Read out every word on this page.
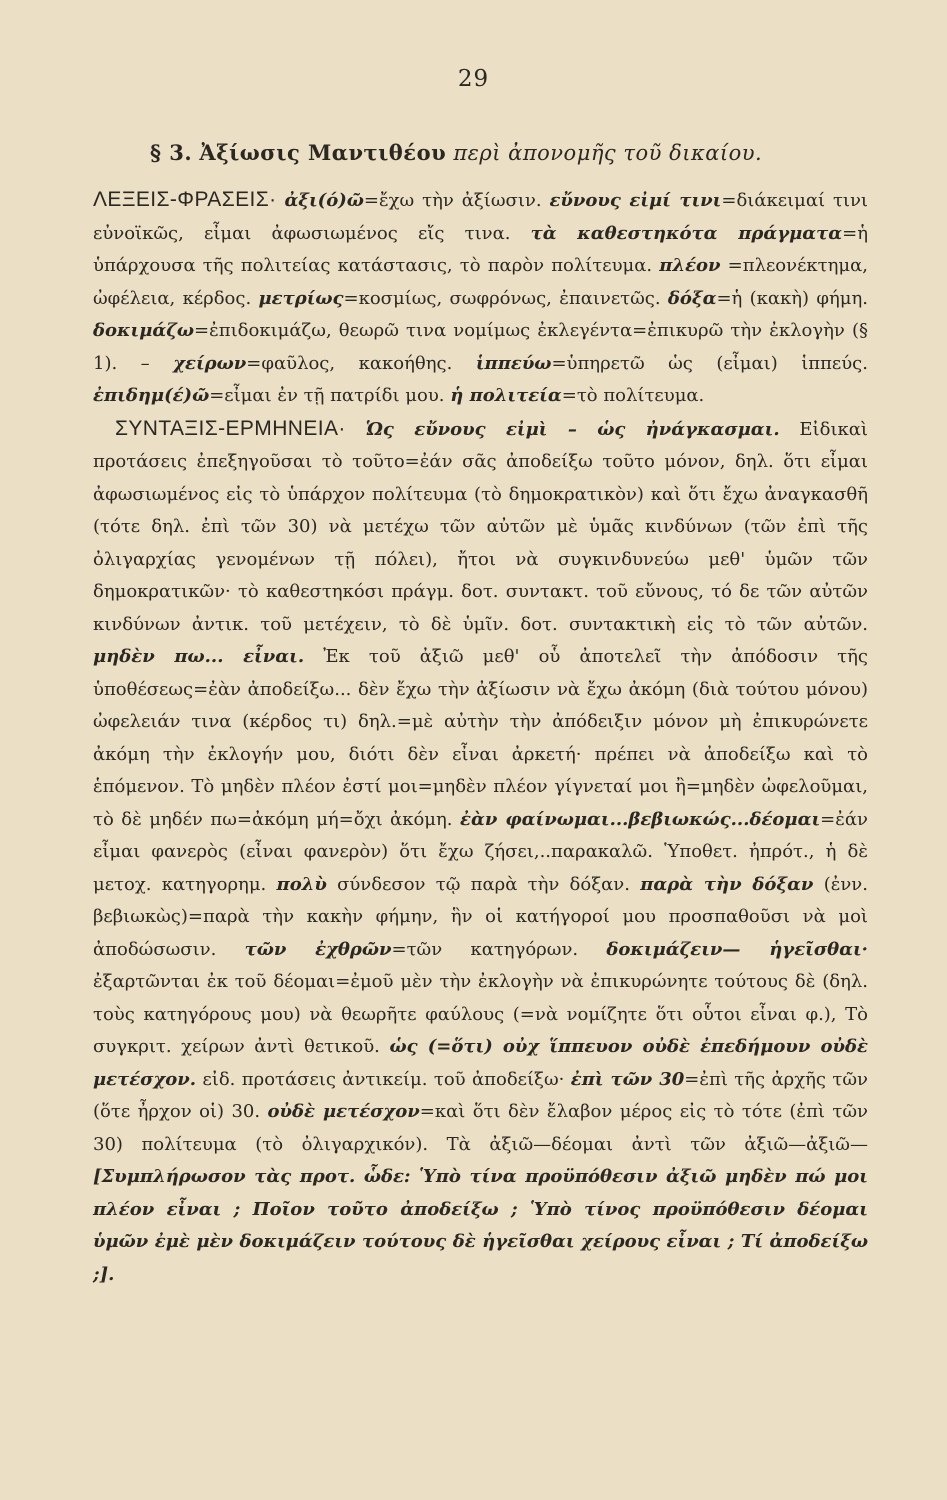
29
§ 3. Ἀξίωσις Μαντιθέου περὶ ἀπονομῆς τοῦ δικαίου.

ΛΕΞΕΙΣ-ΦΡΑΣΕΙΣ· ἀξι(ό)ῶ=ἔχω τὴν ἀξίωσιν. εὔνους εἰμί τινι=διάκειμαί τινι εὐνοϊκῶς, εἶμαι ἀφωσιωμένος εἴς τινα. τὰ καθεστηκότα πράγματα=ἡ ὑπάρχουσα τῆς πολιτείας κατάστασις, τὸ παρὸν πολίτευμα. πλέον =πλεονέκτημα, ὠφέλεια, κέρδος. μετρίως=κοσμίως, σωφρόνως, ἐπαινετῶς. δόξα=ἡ (κακὴ) φήμη. δοκιμάζω=ἐπιδοκιμάζω, θεωρῶ τινα νομίμως ἐκλεγέντα=ἐπικυρῶ τὴν ἐκλογὴν (§ 1). – χείρων=φαῦλος, κακοήθης. ἱππεύω=ὑπηρετῶ ὡς (εἶμαι) ἱππεύς. ἐπιδημ(έ)ῶ=εἶμαι ἐν τῇ πατρίδι μου. ἡ πολιτεία=τὸ πολίτευμα.

ΣΥΝΤΑΞΙΣ-ΕΡΜΗΝΕΙΑ· Ὡς εὔνους εἰμὶ – ὡς ἠνάγκασμαι. Εἰδικαὶ προτάσεις ἐπεξηγοῦσαι τὸ τοῦτο=ἐάν σᾶς ἀποδείξω τοῦτο μόνον, δηλ. ὅτι εἶμαι ἀφωσιωμένος εἰς τὸ ὑπάρχον πολίτευμα (τὸ δημοκρατικὸν) καὶ ὅτι ἔχω ἀναγκασθῆ (τότε δηλ. ἐπὶ τῶν 30) νὰ μετέχω τῶν αὐτῶν μὲ ὑμᾶς κινδύνων (τῶν ἐπὶ τῆς ὀλιγαρχίας γενομένων τῇ πόλει), ἤτοι νὰ συγκινδυνεύω μεθ' ὑμῶν τῶν δημοκρατικῶν· τὸ καθεστηκόσι πράγμ. δοτ. συντακτ. τοῦ εὔνους, τό δε τῶν αὐτῶν κινδύνων ἀντικ. τοῦ μετέχειν, τὸ δὲ ὑμῖν. δοτ. συντακτικὴ εἰς τὸ τῶν αὐτῶν. μηδὲν πω... εἶναι. Ἐκ τοῦ ἀξιῶ μεθ' οὗ ἀποτελεῖ τὴν ἀπόδοσιν τῆς ὑποθέσεως=ἐὰν ἀποδείξω... δὲν ἔχω τὴν ἀξίωσιν νὰ ἔχω ἀκόμη (διὰ τούτου μόνου) ὠφελειάν τινα (κέρδος τι) δηλ.=μὲ αὐτὴν τὴν ἀπόδειξιν μόνον μὴ ἐπικυρώνετε ἀκόμη τὴν ἐκλογήν μου, διότι δὲν εἶναι ἀρκετή· πρέπει νὰ ἀποδείξω καὶ τὸ ἑπόμενον. Τὸ μηδὲν πλέον ἐστί μοι=μηδὲν πλέον γίγνεταί μοι ἢ=μηδὲν ὠφελοῦμαι, τὸ δὲ μηδέν πω=ἀκόμη μή=ὄχι ἀκόμη. ἐὰν φαίνωμαι...βεβιωκώς...δέομαι=ἐάν εἶμαι φανερὸς (εἶναι φανερὸν) ὅτι ἔχω ζήσει,..παρακαλῶ. Ὑποθετ. ἠπρότ., ἡ δὲ μετοχ. κατηγορημ. πολὺ σύνδεσον τῷ παρὰ τὴν δόξαν. παρὰ τὴν δόξαν (ἐνν. βεβιωκὼς)=παρὰ τὴν κακὴν φήμην, ἣν οἱ κατήγοροί μου προσπαθοῦσι νὰ μοὶ ἀποδώσωσιν. τῶν ἐχθρῶν=τῶν κατηγόρων. δοκιμάζειν— ἡγεῖσθαι· ἐξαρτῶνται ἐκ τοῦ δέομαι=ἐμοῦ μὲν τὴν ἐκλογὴν νὰ ἐπικυρώνητε τούτους δὲ (δηλ. τοὺς κατηγόρους μου) νὰ θεωρῆτε φαύλους (=νὰ νομίζητε ὅτι οὗτοι εἶναι φ.), Τὸ συγκριτ. χείρων ἀντὶ θετικοῦ. ὡς (=ὅτι) οὐχ ἵππευον οὐδὲ ἐπεδήμουν οὐδὲ μετέσχον. εἰδ. προτάσεις ἀντικείμ. τοῦ ἀποδείξω· ἐπὶ τῶν 30=ἐπὶ τῆς ἀρχῆς τῶν (ὅτε ἦρχον οἱ) 30. οὐδὲ μετέσχον=καὶ ὅτι δὲν ἔλαβον μέρος εἰς τὸ τότε (ἐπὶ τῶν 30) πολίτευμα (τὸ ὀλιγαρχικόν). Τὰ ἀξιῶ—δέομαι ἀντὶ τῶν ἀξιῶ—ἀξιῶ— [Συμπλήρωσον τὰς προτ. ὧδε: Ὑπὸ τίνα προϋπόθεσιν ἀξιῶ μηδὲν πώ μοι πλέον εἶναι ; Ποῖον τοῦτο ἀποδείξω ; Ὑπὸ τίνος προϋπόθεσιν δέομαι ὑμῶν ἐμὲ μὲν δοκιμάζειν τούτους δὲ ἡγεῖσθαι χείρους εἶναι ; Τί ἀποδείξω ;].
